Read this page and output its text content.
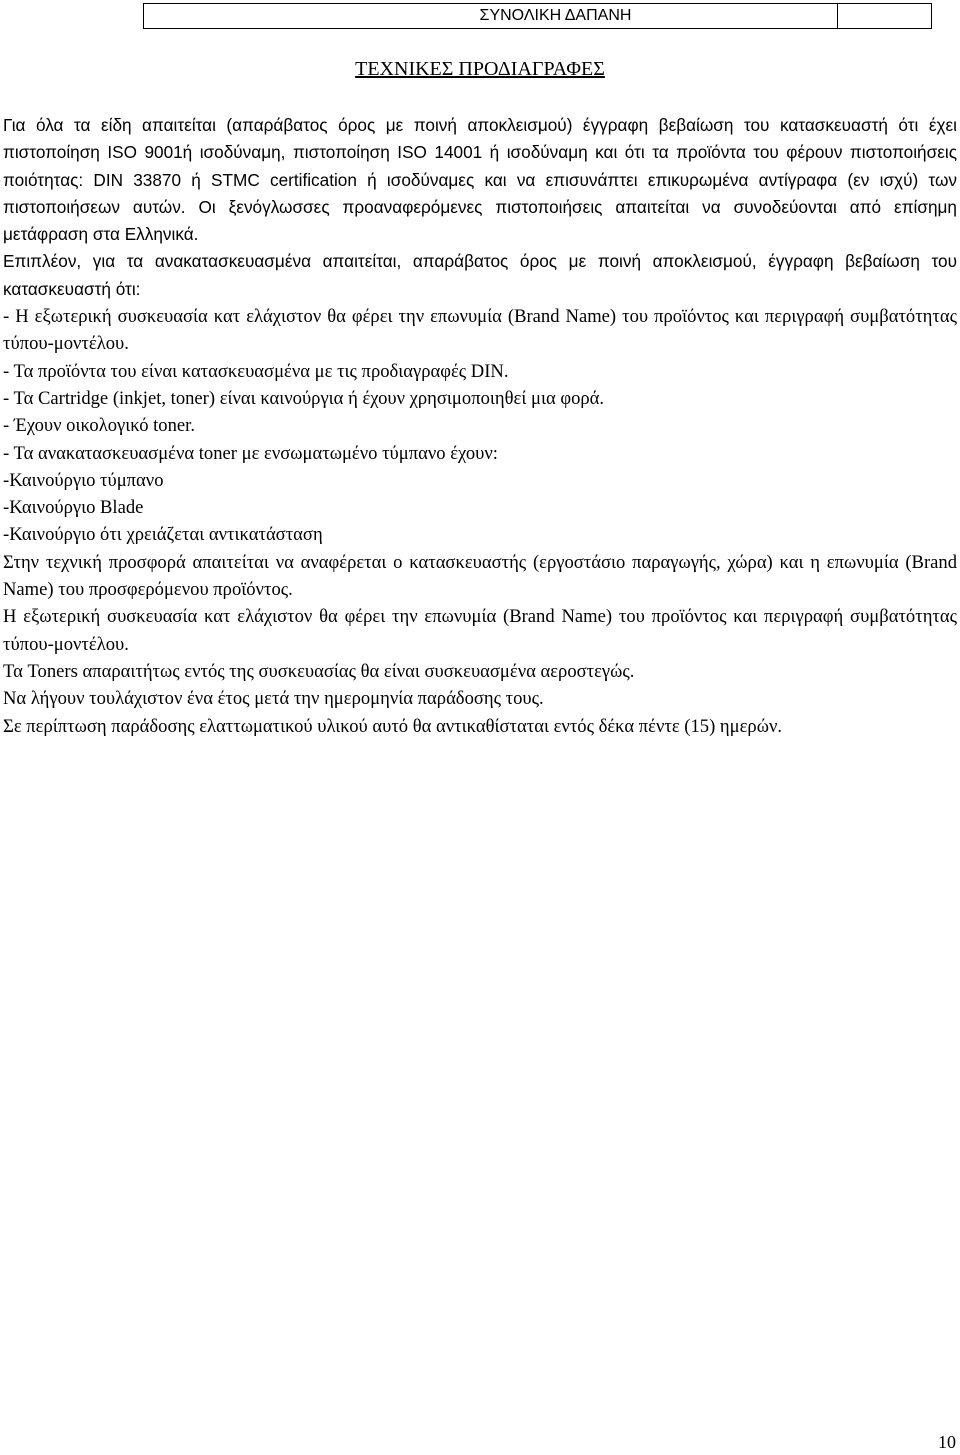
ΣΥΝΟΛΙΚΗ ΔΑΠΑΝΗ
ΤΕΧΝΙΚΕΣ ΠΡΟΔΙΑΓΡΑΦΕΣ

Για όλα τα είδη απαιτείται (απαράβατος όρος με ποινή αποκλεισμού) έγγραφη βεβαίωση του κατασκευαστή ότι έχει πιστοποίηση ISO 9001ή ισοδύναμη, πιστοποίηση ISO 14001 ή ισοδύναμη και ότι τα προϊόντα του φέρουν πιστοποιήσεις ποιότητας: DIN 33870 ή STMC certification ή ισοδύναμες και να επισυνάπτει επικυρωμένα αντίγραφα (εν ισχύ) των πιστοποιήσεων αυτών. Οι ξενόγλωσσες προαναφερόμενες πιστοποιήσεις απαιτείται να συνοδεύονται από επίσημη μετάφραση στα Ελληνικά.

Επιπλέον, για τα ανακατασκευασμένα απαιτείται, απαράβατος όρος με ποινή αποκλεισμού, έγγραφη βεβαίωση του κατασκευαστή ότι:

- Η εξωτερική συσκευασία κατ ελάχιστον θα φέρει την επωνυμία (Brand Name) του προϊόντος και περιγραφή συμβατότητας τύπου-μοντέλου.

- Τα προϊόντα του είναι κατασκευασμένα με τις προδιαγραφές DIN.

- Τα Cartridge (inkjet, toner) είναι καινούργια ή έχουν χρησιμοποιηθεί μια φορά.

- Έχουν οικολογικό toner.

- Τα ανακατασκευασμένα toner με ενσωματωμένο τύμπανο έχουν:

-Καινούργιο τύμπανο

-Καινούργιο Blade

-Καινούργιο ότι χρειάζεται αντικατάσταση

Στην τεχνική προσφορά απαιτείται να αναφέρεται ο κατασκευαστής (εργοστάσιο παραγωγής, χώρα) και η επωνυμία (Brand Name) του προσφερόμενου προϊόντος.

Η εξωτερική συσκευασία κατ ελάχιστον θα φέρει την επωνυμία (Brand Name) του προϊόντος και περιγραφή συμβατότητας τύπου-μοντέλου.

Τα Toners απαραιτήτως εντός της συσκευασίας θα είναι συσκευασμένα αεροστεγώς.

Να λήγουν τουλάχιστον ένα έτος μετά την ημερομηνία παράδοσης τους.

Σε περίπτωση παράδοσης ελαττωματικού υλικού αυτό θα αντικαθίσταται εντός δέκα πέντε (15) ημερών.

10
